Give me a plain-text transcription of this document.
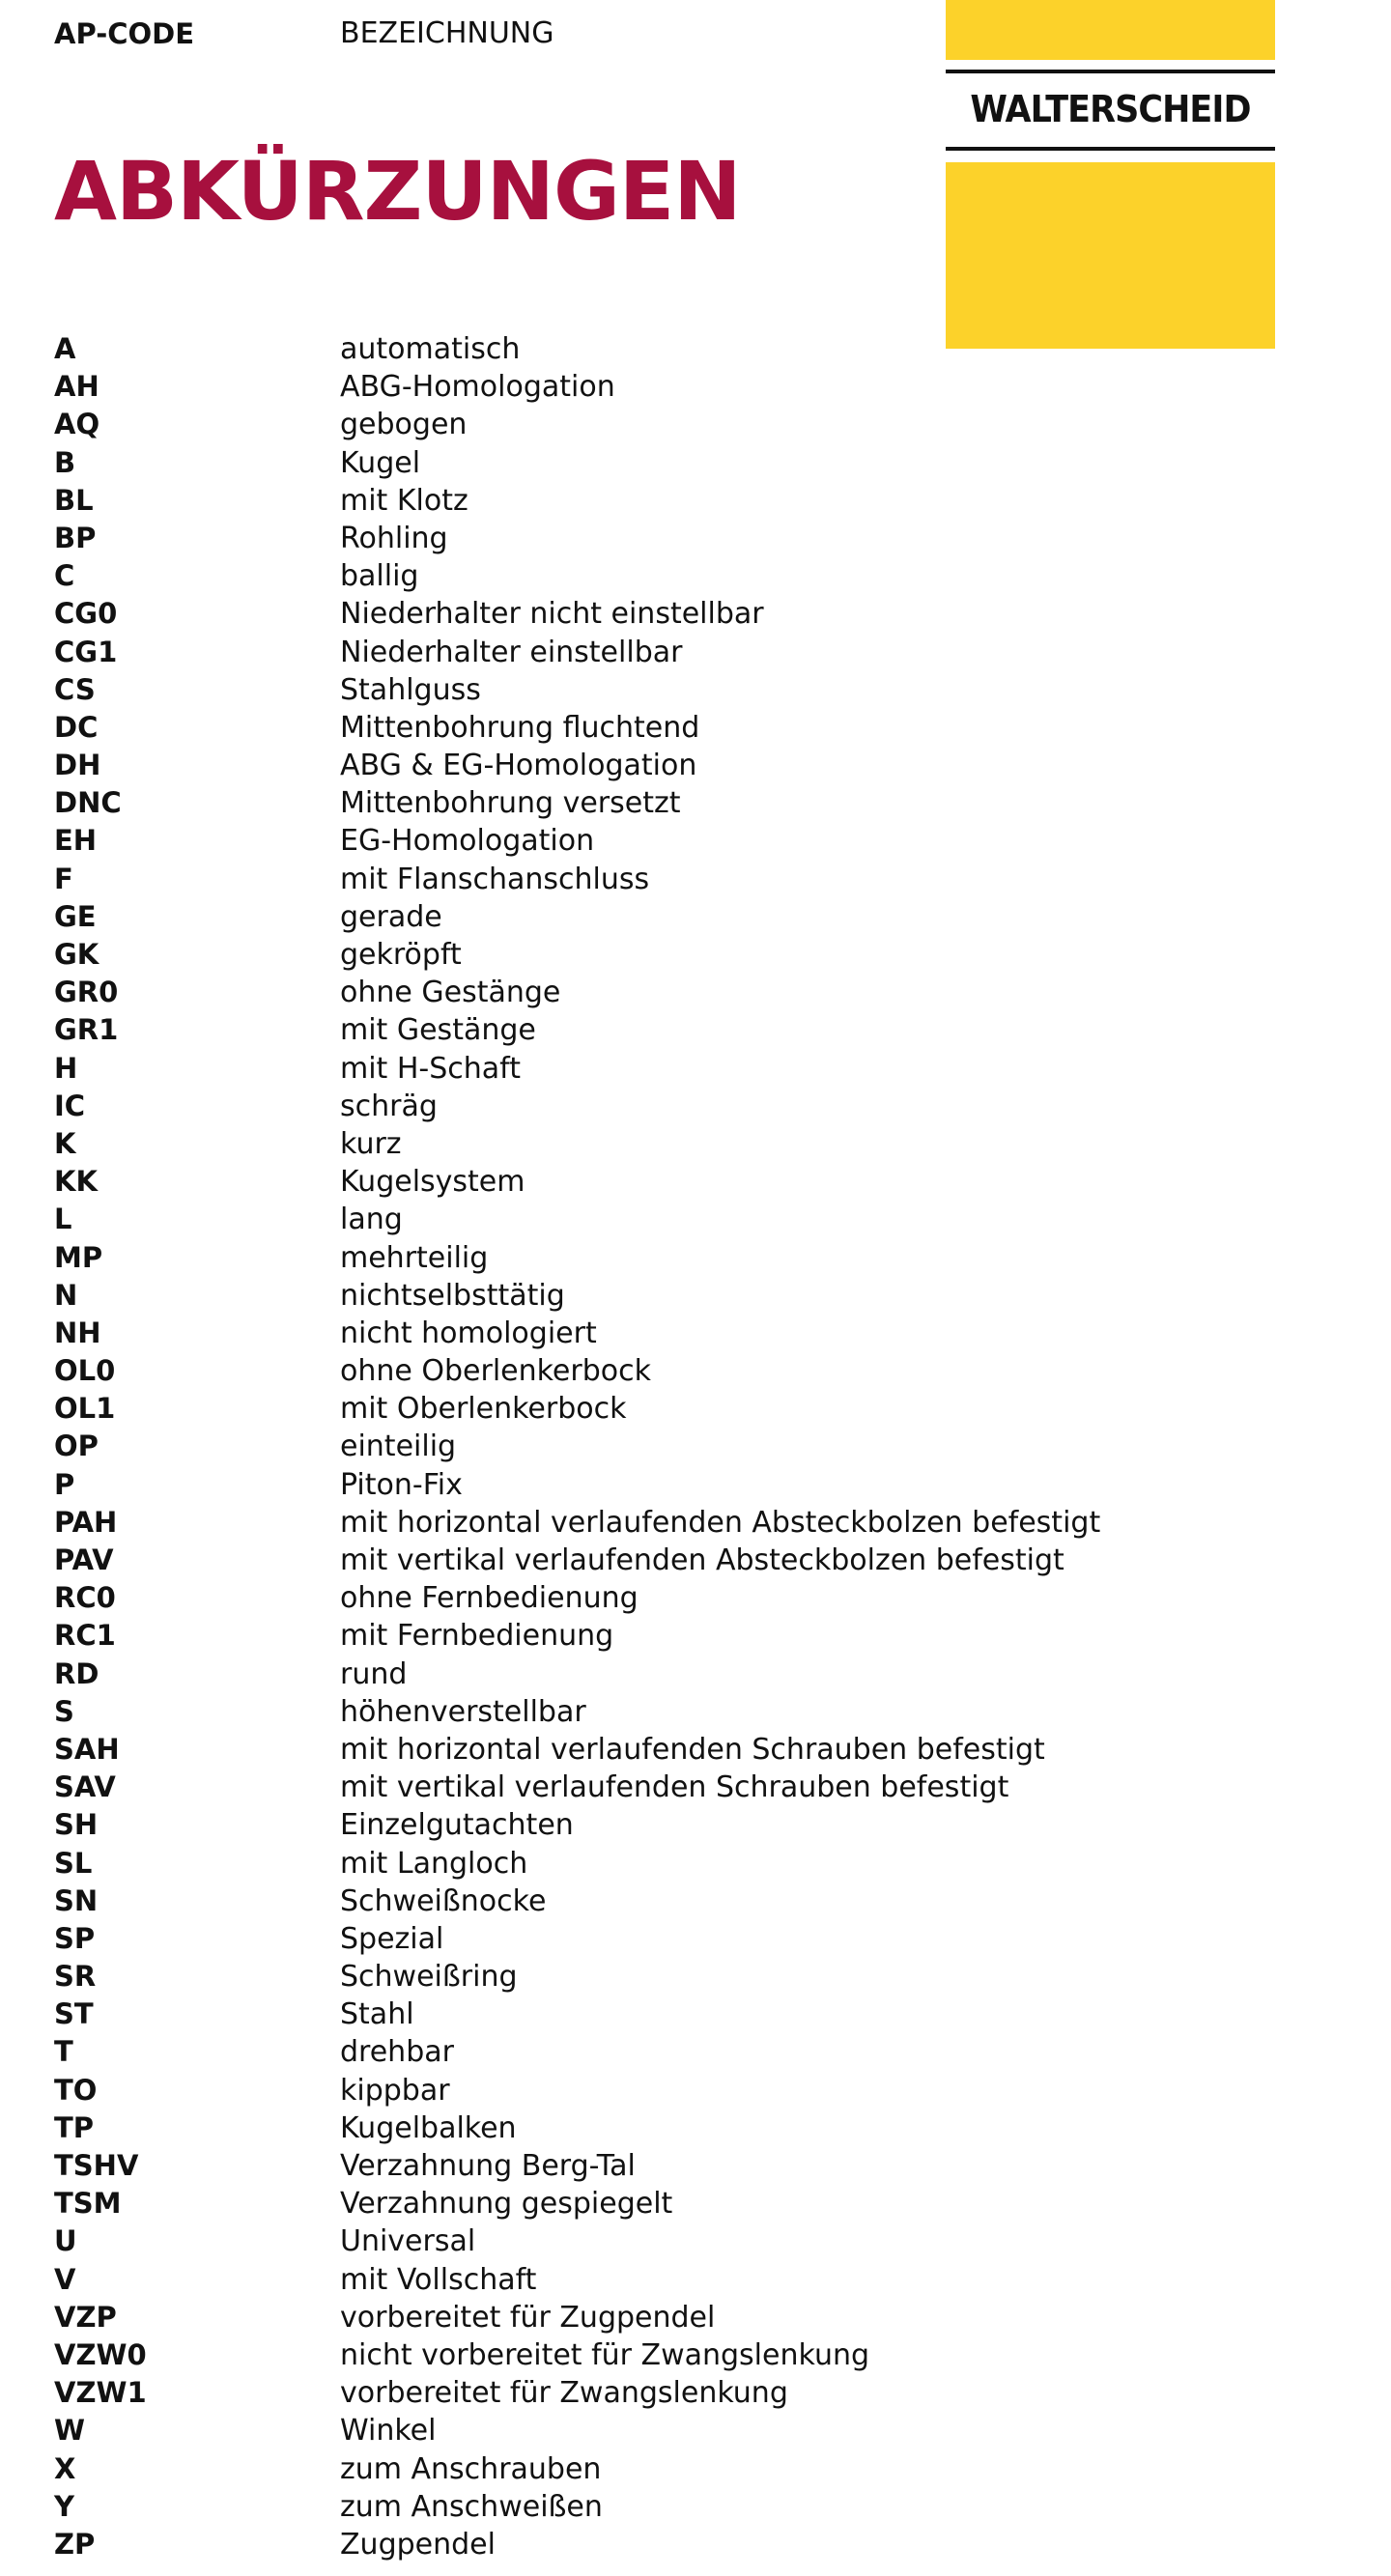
WALTERSCHEID
ABKÜRZUNGEN
AP-CODE	BEZEICHNUNG
A	automatisch
AH	ABG-Homologation
AQ	gebogen
B	Kugel
BL	mit Klotz
BP	Rohling
C	ballig
CG0	Niederhalter nicht einstellbar
CG1	Niederhalter einstellbar
CS	Stahlguss
DC	Mittenbohrung fluchtend
DH	ABG & EG-Homologation
DNC	Mittenbohrung versetzt
EH	EG-Homologation
F	mit Flanschanschluss
GE	gerade
GK	gekröpft
GR0	ohne Gestänge
GR1	mit Gestänge
H	mit H-Schaft
IC	schräg
K	kurz
KK	Kugelsystem
L	lang
MP	mehrteilig
N	nichtselbsttätig
NH	nicht homologiert
OL0	ohne Oberlenkerbock
OL1	mit Oberlenkerbock
OP	einteilig
P	Piton-Fix
PAH	mit horizontal verlaufenden Absteckbolzen befestigt
PAV	mit vertikal verlaufenden Absteckbolzen befestigt
RC0	ohne Fernbedienung
RC1	mit Fernbedienung
RD	rund
S	höhenverstellbar
SAH	mit horizontal verlaufenden Schrauben befestigt
SAV	mit vertikal verlaufenden Schrauben befestigt
SH	Einzelgutachten
SL	mit Langloch
SN	Schweißnocke
SP	Spezial
SR	Schweißring
ST	Stahl
T	drehbar
TO	kippbar
TP	Kugelbalken
TSHV	Verzahnung Berg-Tal
TSM	Verzahnung gespiegelt
U	Universal
V	mit Vollschaft
VZP	vorbereitet für Zugpendel
VZW0	nicht vorbereitet für Zwangslenkung
VZW1	vorbereitet für Zwangslenkung
W	Winkel
X	zum Anschrauben
Y	zum Anschweißen
ZP	Zugpendel
